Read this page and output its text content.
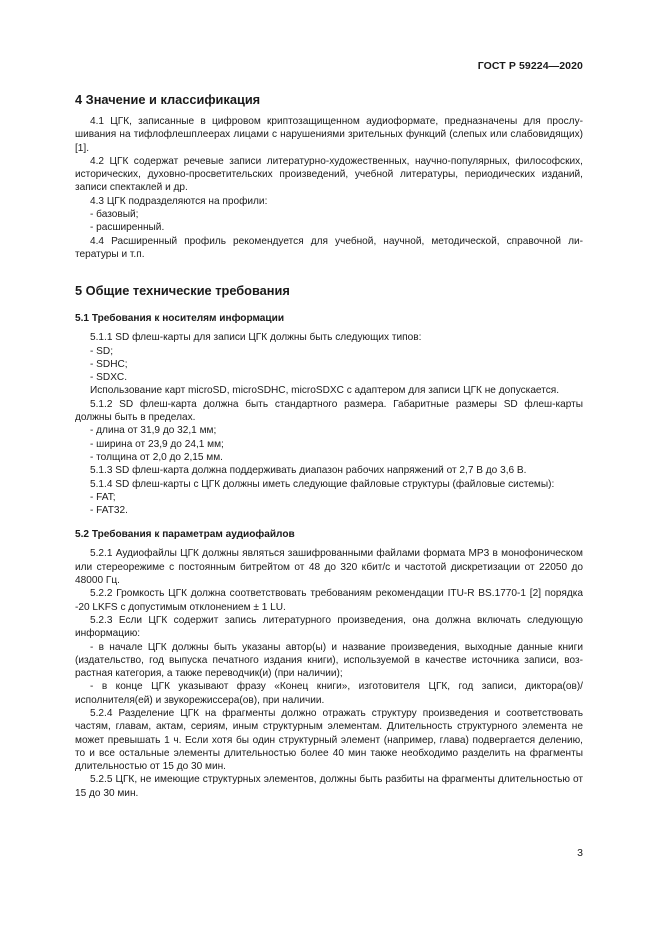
ГОСТ Р 59224—2020
4 Значение и классификация

4.1 ЦГК, записанные в цифровом криптозащищенном аудиоформате, предназначены для прослушивания на тифлофлешплеерах лицами с нарушениями зрительных функций (слепых или слабовидящих) [1].

4.2 ЦГК содержат речевые записи литературно-художественных, научно-популярных, философских, исторических, духовно-просветительских произведений, учебной литературы, периодических изданий, записи спектаклей и др.

4.3 ЦГК подразделяются на профили:

- базовый;

- расширенный.

4.4 Расширенный профиль рекомендуется для учебной, научной, методической, справочной литературы и т.п.

5 Общие технические требования
5.1 Требования к носителям информации

5.1.1 SD флеш-карты для записи ЦГК должны быть следующих типов:

- SD;

- SDHC;

- SDXC.

Использование карт microSD, microSDHC, microSDXC с адаптером для записи ЦГК не допускается.

5.1.2 SD флеш-карта должна быть стандартного размера. Габаритные размеры SD флеш-карты должны быть в пределах.

- длина от 31,9 до 32,1 мм;

- ширина от 23,9 до 24,1 мм;

- толщина от 2,0 до 2,15 мм.

5.1.3 SD флеш-карта должна поддерживать диапазон рабочих напряжений от 2,7 В до 3,6 В.

5.1.4 SD флеш-карты с ЦГК должны иметь следующие файловые структуры (файловые системы):

- FAT;

- FAT32.

5.2 Требования к параметрам аудиофайлов

5.2.1 Аудиофайлы ЦГК должны являться зашифрованными файлами формата МР3 в монофоническом или стереорежиме с постоянным битрейтом от 48 до 320 кбит/с и частотой дискретизации от 22050 до 48000 Гц.

5.2.2 Громкость ЦГК должна соответствовать требованиям рекомендации ITU-R BS.1770-1 [2] порядка -20 LKFS с допустимым отклонением ± 1 LU.

5.2.3 Если ЦГК содержит запись литературного произведения, она должна включать следующую информацию:

- в начале ЦГК должны быть указаны автор(ы) и название произведения, выходные данные книги (издательство, год выпуска печатного издания книги), используемой в качестве источника записи, возрастная категория, а также переводчик(и) (при наличии);

- в конце ЦГК указывают фразу «Конец книги», изготовителя ЦГК, год записи, диктора(ов)/ исполнителя(ей) и звукорежиссера(ов), при наличии.

5.2.4 Разделение ЦГК на фрагменты должно отражать структуру произведения и соответствовать частям, главам, актам, сериям, иным структурным элементам. Длительность структурного элемента не может превышать 1 ч. Если хотя бы один структурный элемент (например, глава) подвергается делению, то и все остальные элементы длительностью более 40 мин также необходимо разделить на фрагменты длительностью от 15 до 30 мин.

5.2.5 ЦГК, не имеющие структурных элементов, должны быть разбиты на фрагменты длительностью от 15 до 30 мин.

3
